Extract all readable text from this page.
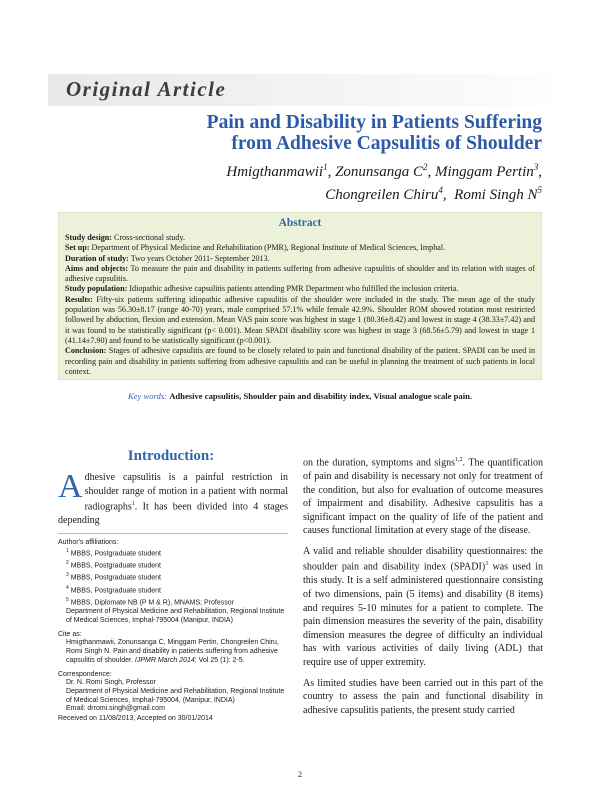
Original Article
Pain and Disability in Patients Suffering
from Adhesive Capsulitis of Shoulder
Hmigthanmawii$^1$, Zonunsanga $C^2$, Minggam Pertin$^3$,
Chongreilen Chiru$^4$,  Romi Singh $N^5$
Abstract

Study design: Cross-sectional study.

Set up: Department of Physical Medicine and Rehabilitation (PMR), Regional Institute of Medical Sciences, Imphal.

Duration of study: Two years October 2011- September 2013.

Aims and objects: To measure the pain and disability in patients suffering from adhesive capsulitis of shoulder and its relation with stages of adhesive capsulitis.

Study population: Idiopathic adhesive capsulitis patients attending PMR Department who fulfilled the inclusion criteria.

Results: Fifty-six patients suffering idiopathic adhesive capsulitis of the shoulder were included in the study. The mean age of the study population was 56.30±8.17 (range 40-70) years, male comprised 57.1% while female 42.9%. Shoulder ROM showed rotation most restricted followed by abduction, flexion and extension. Mean VAS pain score was highest in stage 1 (80.36±8.42) and lowest in stage 4 (38.33±7.42) and it was found to be statistically significant (p< 0.001). Mean SPADI disability score was highest in stage 3 (68.56±5.79) and lowest in stage 1 (41.14±7.90) and found to be statistically significant (p<0.001).

Conclusion: Stages of adhesive capsulitis are found to be closely related to pain and functional disability of the patient. SPADI can be used in recording pain and disability in patients suffering from adhesive capsulitis and can be useful in planning the treatment of such patients in local context.

Key words: Adhesive capsulitis, Shoulder pain and disability index, Visual analogue scale pain.
Introduction:

Adhesive capsulitis is a painful restriction in shoulder range of motion in a patient with normal radiographs$^1$. It has been divided into 4 stages depending

Author's affiliations:
$^1$ MBBS, Postgraduate student
$^2$ MBBS, Postgraduate student
$^3$ MBBS, Postgraduate student
$^4$ MBBS, Postgraduate student
$^5$ MBBS, Diplomate NB (P M & R), MNAMS; Professor
Department of Physical Medicine and Rehabilitation, Regional Institute of Medical Sciences, Imphal-795004 (Manipur, INDIA)
Cite as:
Hmigthanmawii, Zonunsanga C, Minggam Pertin, Chongreilen Chiru, Romi Singh N. Pain and disability in patients suffering from adhesive capsulitis of shoulder. IJPMR March 2014; Vol 25 (1): 2-5.
Correspondence:
Dr. N. Romi Singh, Professor
Department of Physical Medicine and Rehabilitation, Regional Institute of Medical Sciences, Imphal-795004, (Manipur, INDIA)
Email: drromi.singh@gmail.com
Received on 11/08/2013, Accepted on 30/01/2014

on the duration, symptoms and signs$^{1,2}$. The quantification of pain and disability is necessary not only for treatment of the condition, but also for evaluation of outcome measures of impairment and disability. Adhesive capsulitis has a significant impact on the quality of life of the patient and causes functional limitation at every stage of the disease.

A valid and reliable shoulder disability questionnaires: the shoulder pain and disability index (SPADI)$^3$ was used in this study. It is a self administered questionnaire consisting of two dimensions, pain (5 items) and disability (8 items) and requires 5-10 minutes for a patient to complete. The pain dimension measures the severity of the pain, disability dimension measures the degree of difficulty an individual has with various activities of daily living (ADL) that require use of upper extremity.

As limited studies have been carried out in this part of the country to assess the pain and functional disability in adhesive capsulitis patients, the present study carried

2
